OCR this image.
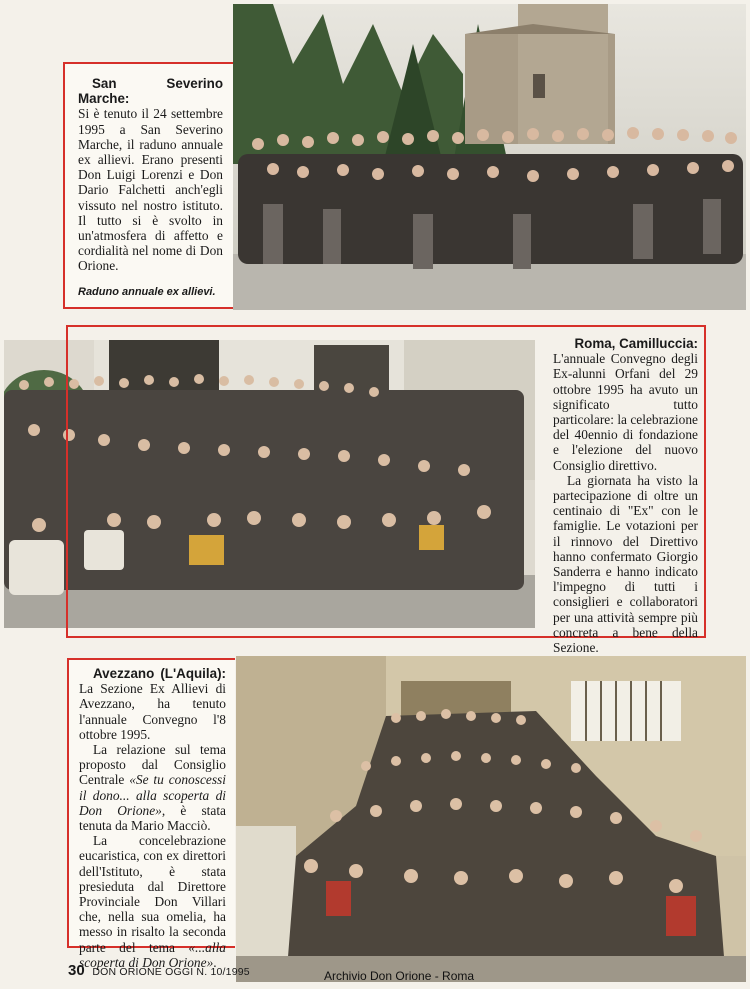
San Severino Marche:
Si è tenuto il 24 settembre 1995 a San Severino Marche, il raduno annuale ex allievi. Erano presenti Don Luigi Lorenzi e Don Dario Falchetti anch'egli vissuto nel nostro istituto. Il tutto si è svolto in un'atmosfera di affetto e cordialità nel nome di Don Orione.

Raduno annuale ex allievi.

Roma, Camilluccia:

L'annuale Convegno degli Ex-alunni Orfani del 29 ottobre 1995 ha avuto un significato tutto particolare: la celebrazione del 40ennio di fondazione e l'elezione del nuovo Consiglio direttivo.

La giornata ha visto la partecipazione di oltre un centinaio di "Ex" con le famiglie. Le votazioni per il rinnovo del Direttivo hanno confermato Giorgio Sanderra e hanno indicato l'impegno di tutti i consiglieri e collaboratori per una attività sempre più concreta a bene della Sezione.

Avezzano (L'Aquila): La Sezione Ex Allievi di Avezzano, ha tenuto l'annuale Convegno l'8 ottobre 1995.

La relazione sul tema proposto dal Consiglio Centrale «Se tu conoscessi il dono... alla scoperta di Don Orione», è stata tenuta da Mario Macciò.

La concelebrazione eucaristica, con ex direttori dell'Istituto, è stata presieduta dal Direttore Provinciale Don Villari che, nella sua omelia, ha messo in risalto la seconda parte del tema «...alla scoperta di Don Orione».

30 DON ORIONE OGGI N. 10/1995	Archivio Don Orione - Roma
